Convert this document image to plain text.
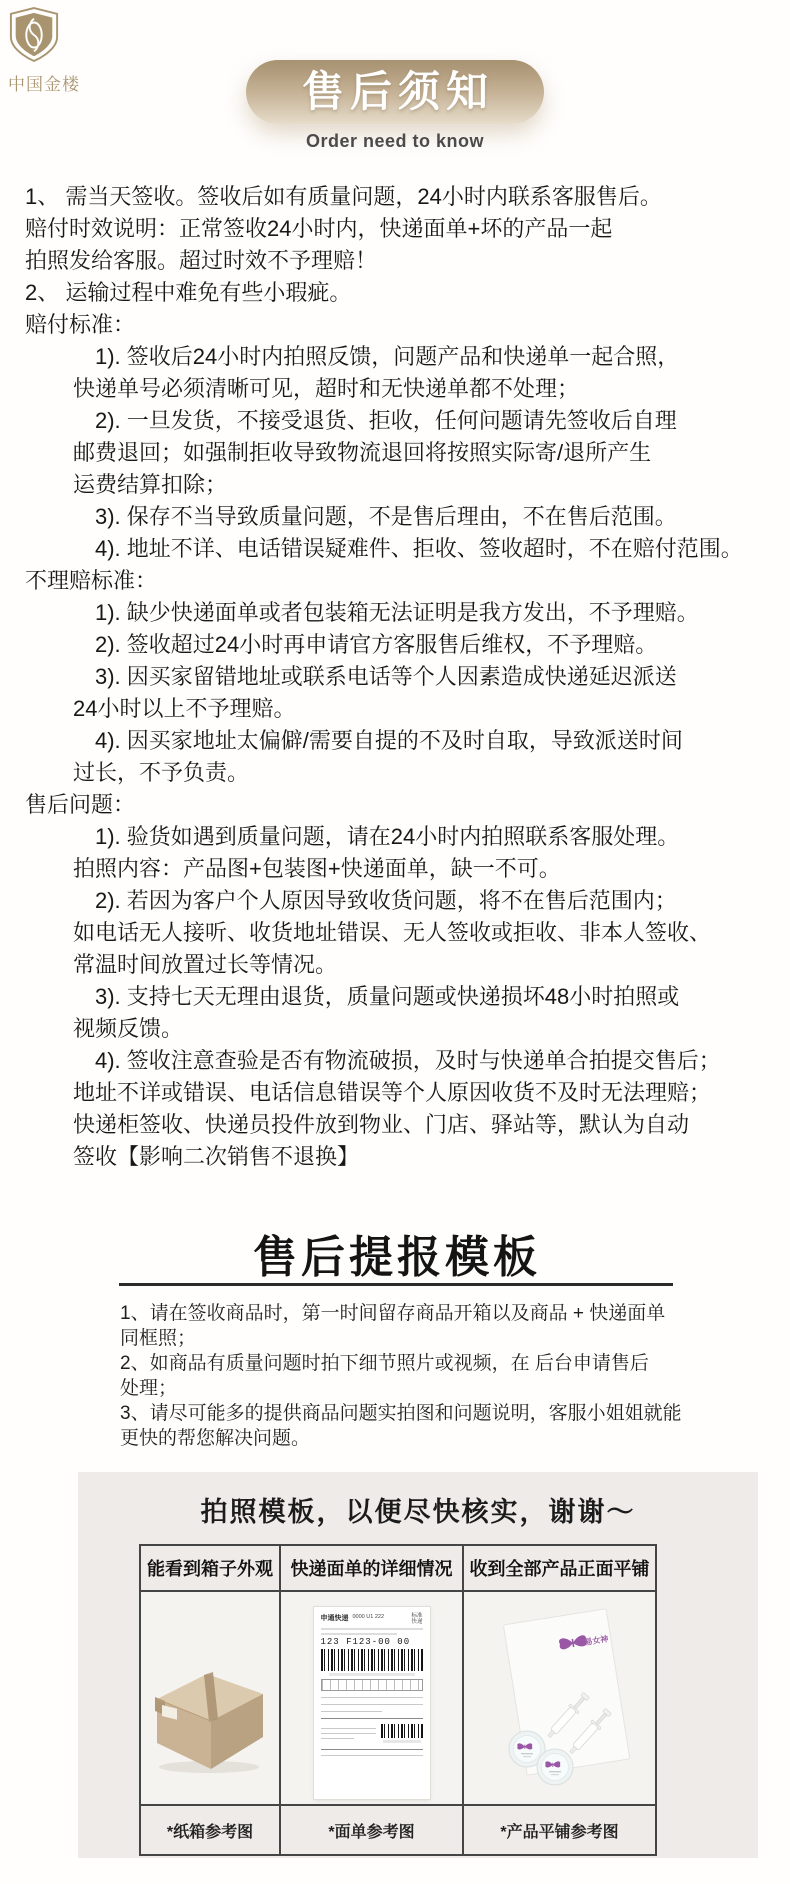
中国金楼	售后须知
Order need to know

1、 需当天签收。签收后如有质量问题，24小时内联系客服售后。

赔付时效说明：正常签收24小时内，快递面单+坏的产品一起

拍照发给客服。超过时效不予理赔！

2、 运输过程中难免有些小瑕疵。

赔付标准：

1). 签收后24小时内拍照反馈，问题产品和快递单一起合照，

快递单号必须清晰可见，超时和无快递单都不处理；

2). 一旦发货，不接受退货、拒收，任何问题请先签收后自理

邮费退回；如强制拒收导致物流退回将按照实际寄/退所产生

运费结算扣除；

3). 保存不当导致质量问题，不是售后理由，不在售后范围。

4). 地址不详、电话错误疑难件、拒收、签收超时，不在赔付范围。

不理赔标准：

1). 缺少快递面单或者包装箱无法证明是我方发出，不予理赔。

2). 签收超过24小时再申请官方客服售后维权，不予理赔。

3). 因买家留错地址或联系电话等个人因素造成快递延迟派送

24小时以上不予理赔。

4). 因买家地址太偏僻/需要自提的不及时自取，导致派送时间

过长，不予负责。

售后问题：

1). 验货如遇到质量问题，请在24小时内拍照联系客服处理。

拍照内容：产品图+包装图+快递面单，缺一不可。

2). 若因为客户个人原因导致收货问题，将不在售后范围内；

如电话无人接听、收货地址错误、无人签收或拒收、非本人签收、

常温时间放置过长等情况。

3). 支持七天无理由退货，质量问题或快递损坏48小时拍照或

视频反馈。

4). 签收注意查验是否有物流破损，及时与快递单合拍提交售后；

地址不详或错误、电话信息错误等个人原因收货不及时无法理赔；

快递柜签收、快递员投件放到物业、门店、驿站等，默认为自动

签收【影响二次销售不退换】

售后提报模板

1、请在签收商品时，第一时间留存商品开箱以及商品 + 快递面单

同框照；

2、如商品有质量问题时拍下细节照片或视频，在 后台申请售后

处理；

3、请尽可能多的提供商品问题实拍图和问题说明，客服小姐姐就能

更快的帮您解决问题。

拍照模板，以便尽快核实，谢谢～
能看到箱子外观	快递面单的详细情况	收到全部产品正面平铺

申通快递 0000 U1 222 标准
快递
123 F123-00 00	易女神

*纸箱参考图	*面单参考图	*产品平铺参考图
